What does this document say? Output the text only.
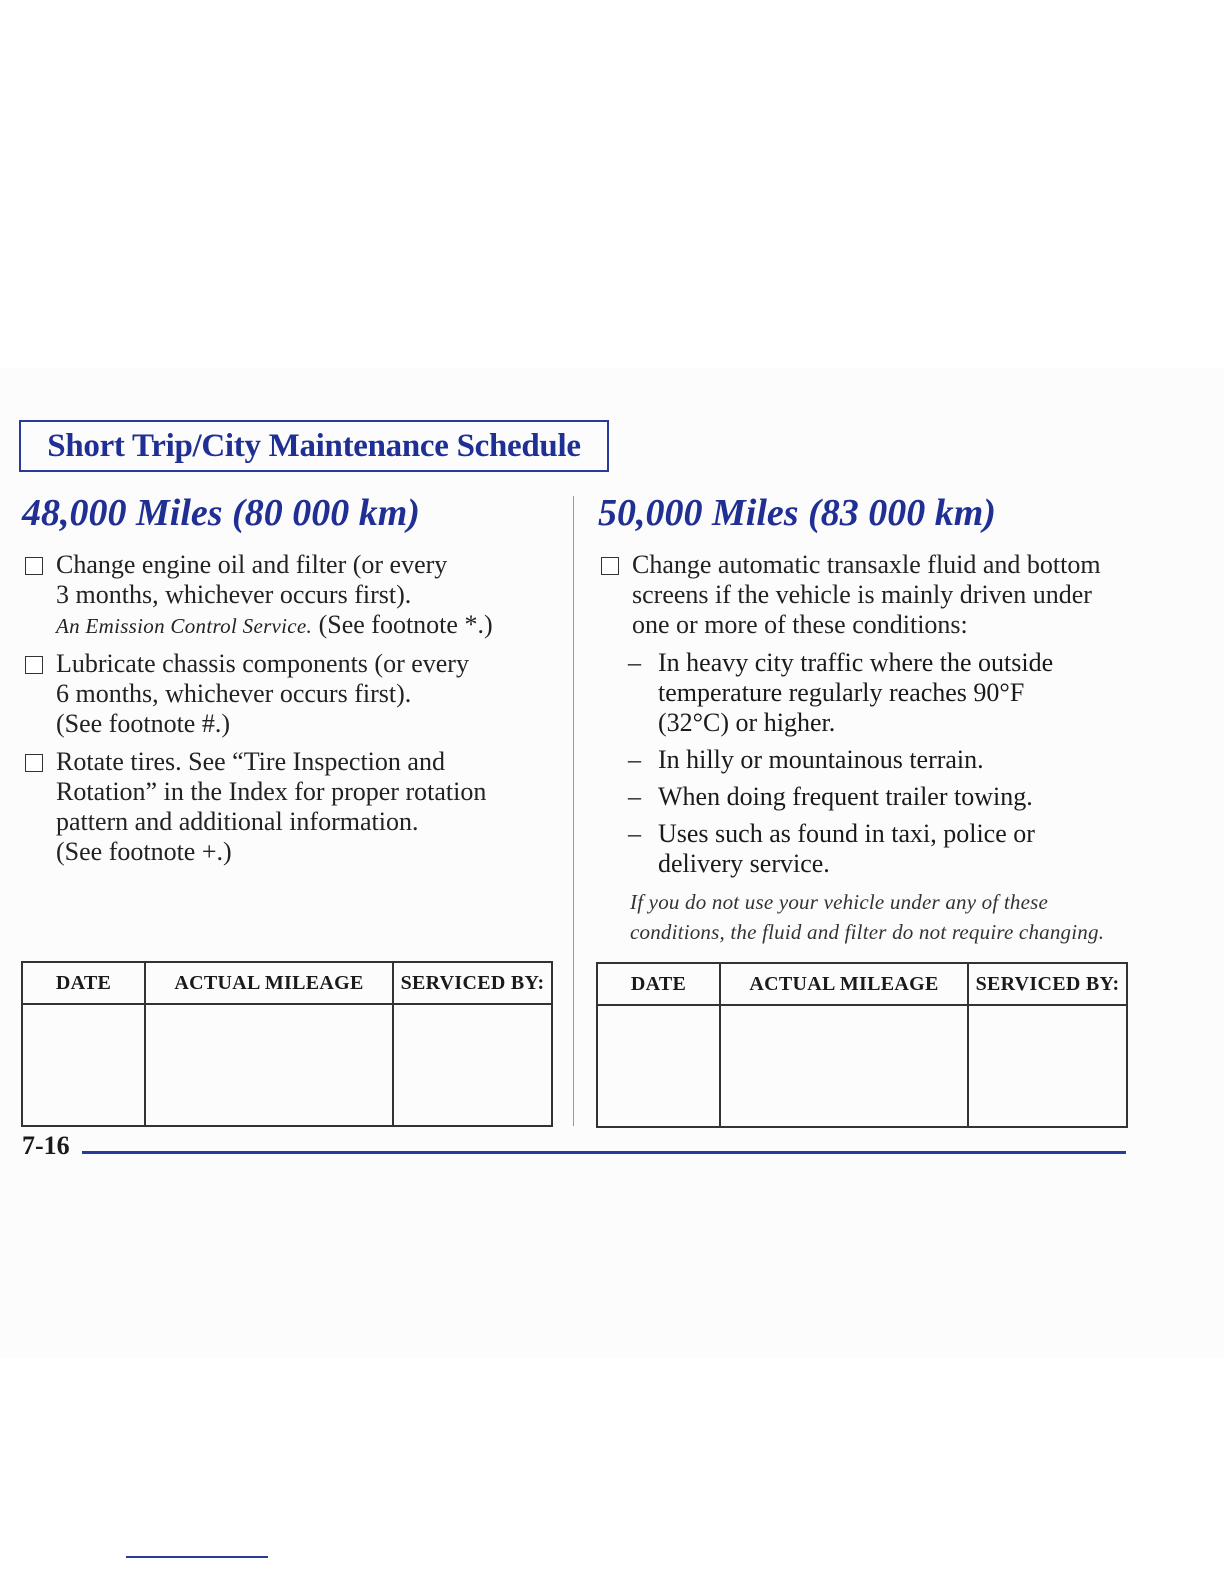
Short Trip/City Maintenance Schedule
48,000 Miles (80 000 km)
Change engine oil and filter (or every
3 months, whichever occurs first).
An Emission Control Service. (See footnote *.)
Lubricate chassis components (or every
6 months, whichever occurs first).
(See footnote #.)
Rotate tires. See “Tire Inspection and
Rotation” in the Index for proper rotation
pattern and additional information.
(See footnote +.)
50,000 Miles (83 000 km)
Change automatic transaxle fluid and bottom
screens if the vehicle is mainly driven under
one or more of these conditions:
– In heavy city traffic where the outside
temperature regularly reaches 90°F
(32°C) or higher.
– In hilly or mountainous terrain.
– When doing frequent trailer towing.
– Uses such as found in taxi, police or
delivery service.
If you do not use your vehicle under any of these
conditions, the fluid and filter do not require changing.
DATE	ACTUAL MILEAGE	SERVICED BY:
			DATE	ACTUAL MILEAGE	SERVICED BY:

7-16
